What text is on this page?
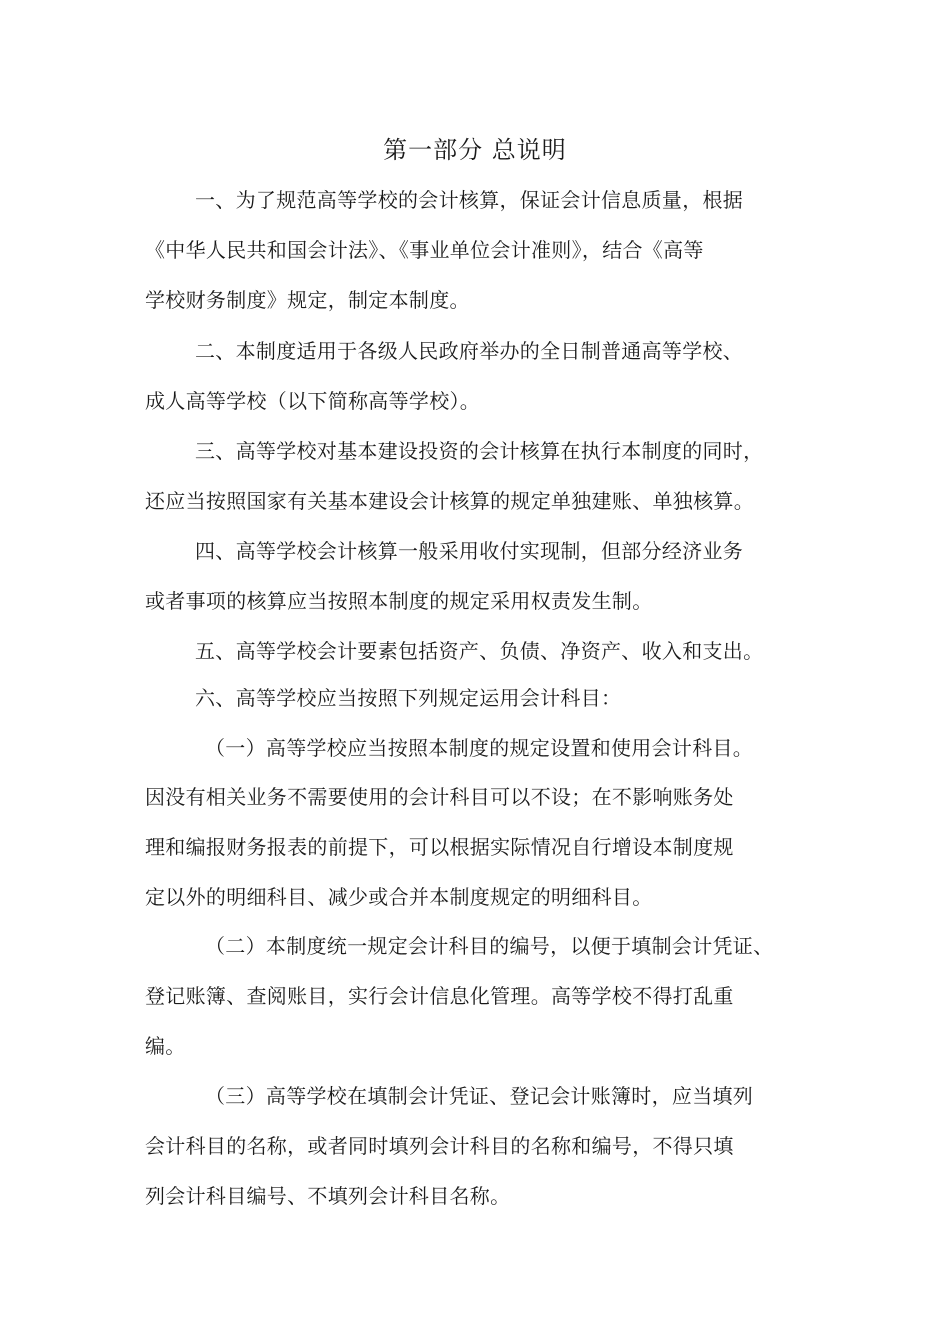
第一部分 总说明
一、为了规范高等学校的会计核算，保证会计信息质量，根据
《中华人民共和国会计法》、《事业单位会计准则》，结合《高等
学校财务制度》规定，制定本制度。
二、本制度适用于各级人民政府举办的全日制普通高等学校、
成人高等学校（以下简称高等学校）。
三、高等学校对基本建设投资的会计核算在执行本制度的同时，
还应当按照国家有关基本建设会计核算的规定单独建账、单独核算。
四、高等学校会计核算一般采用收付实现制，但部分经济业务
或者事项的核算应当按照本制度的规定采用权责发生制。
五、高等学校会计要素包括资产、负债、净资产、收入和支出。
六、高等学校应当按照下列规定运用会计科目：
（一）高等学校应当按照本制度的规定设置和使用会计科目。
因没有相关业务不需要使用的会计科目可以不设；在不影响账务处
理和编报财务报表的前提下，可以根据实际情况自行增设本制度规
定以外的明细科目、减少或合并本制度规定的明细科目。
（二）本制度统一规定会计科目的编号，以便于填制会计凭证、
登记账簿、查阅账目，实行会计信息化管理。高等学校不得打乱重
编。
（三）高等学校在填制会计凭证、登记会计账簿时，应当填列
会计科目的名称，或者同时填列会计科目的名称和编号，不得只填
列会计科目编号、不填列会计科目名称。
